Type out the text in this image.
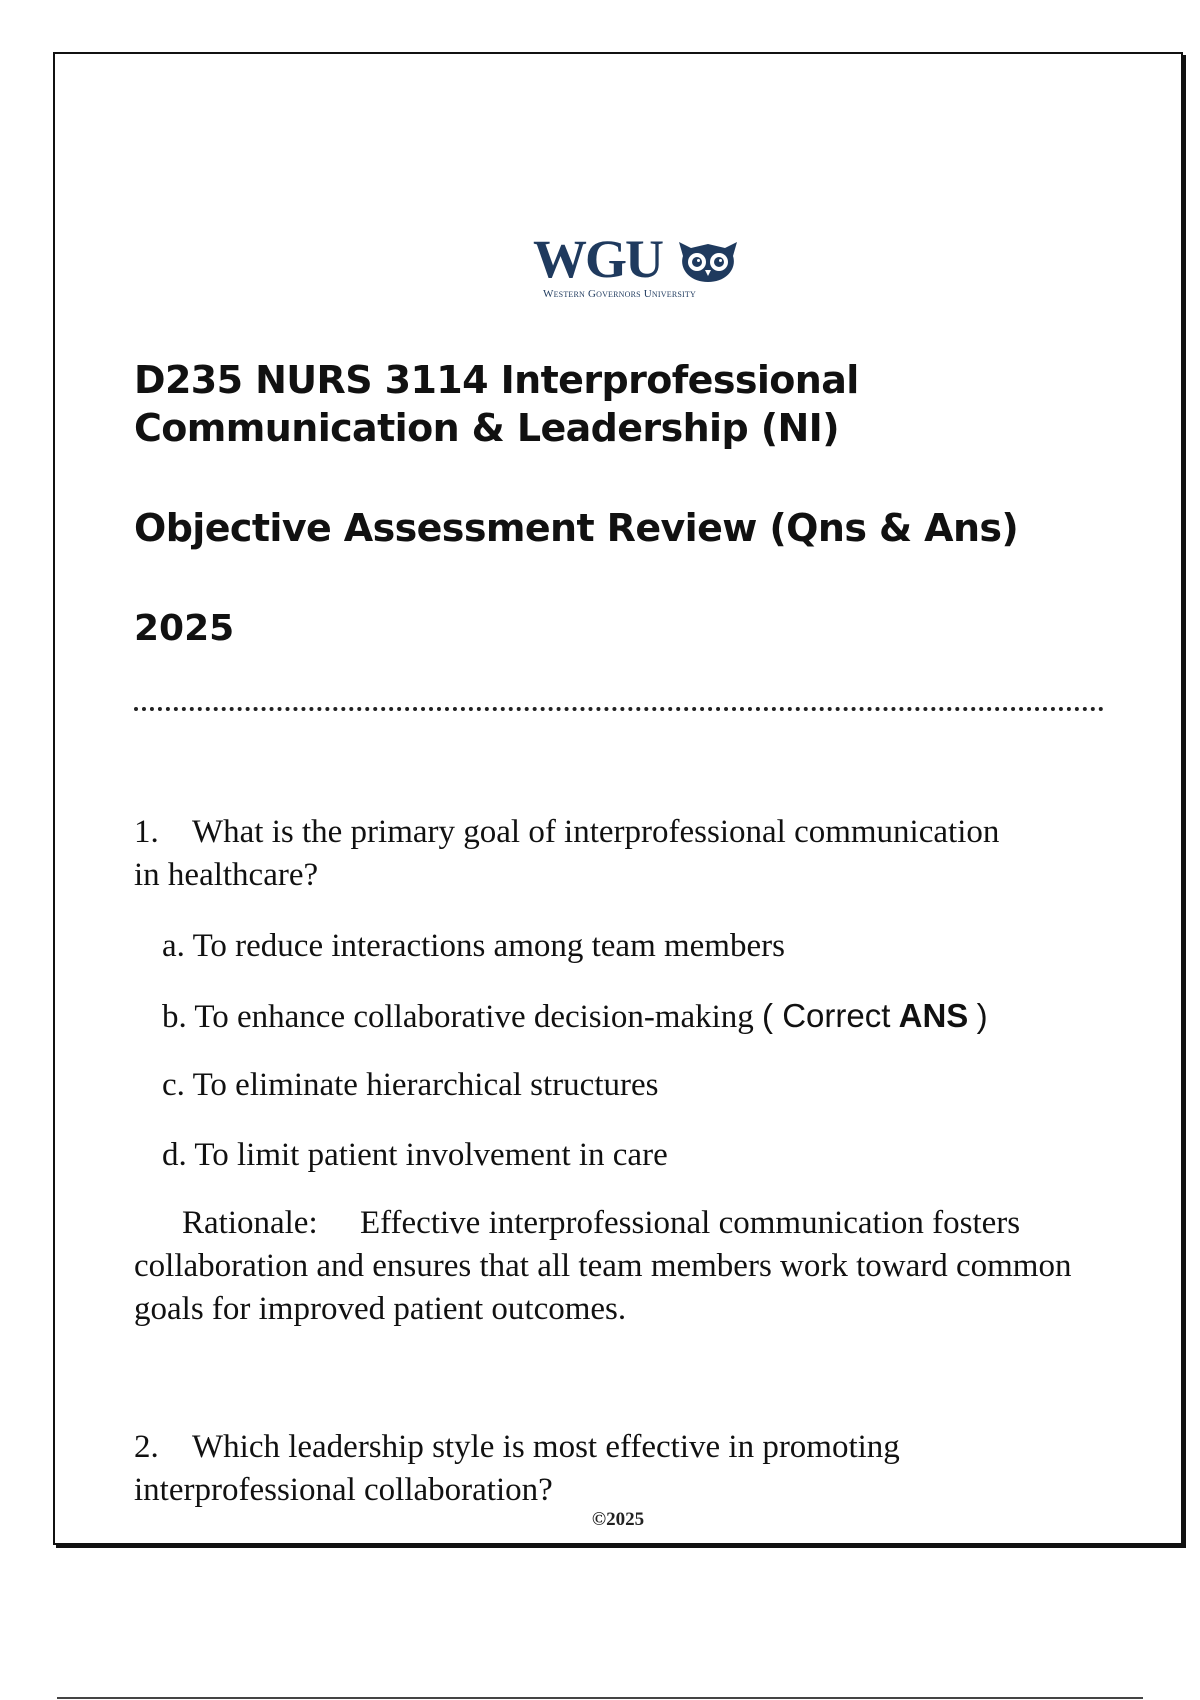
WGU
Western Governors University
D235 NURS 3114 Interprofessional
Communication & Leadership (NI)
Objective Assessment Review (Qns & Ans)
2025
1. What is the primary goal of interprofessional communication
in healthcare?
a. To reduce interactions among team members
b. To enhance collaborative decision-making ( Correct ANS )
c. To eliminate hierarchical structures
d. To limit patient involvement in care
Rationale: Effective interprofessional communication fosters collaboration and ensures that all team members work toward common goals for improved patient outcomes.
2. Which leadership style is most effective in promoting
interprofessional collaboration?
©2025
